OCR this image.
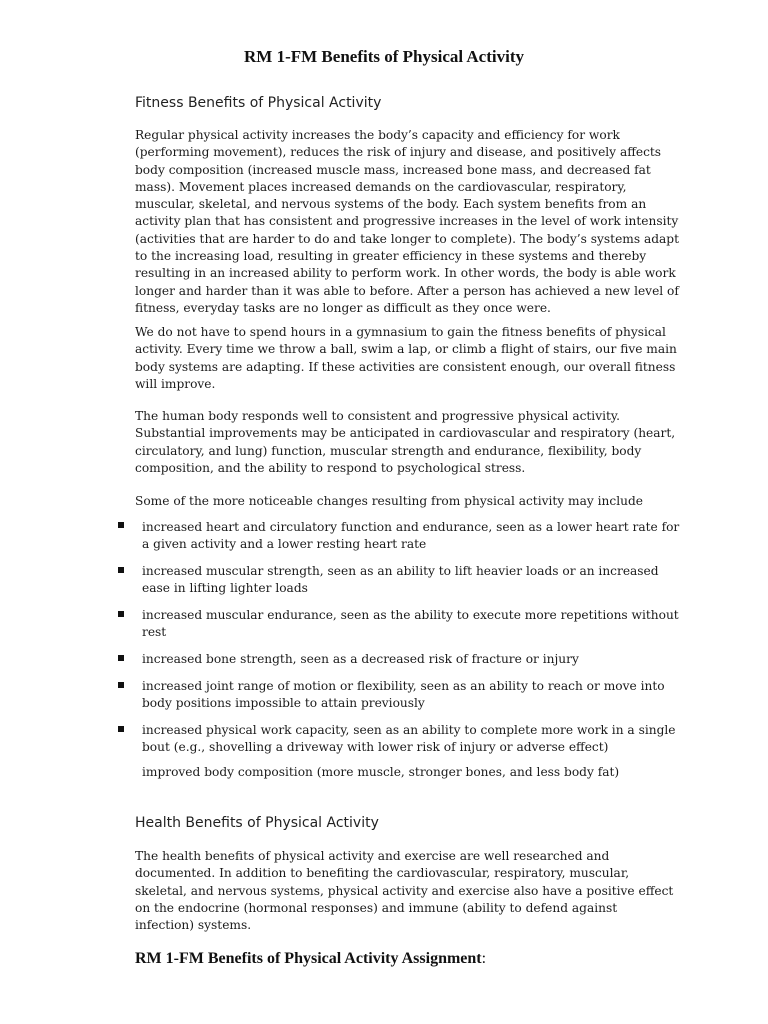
RM 1-FM Benefits of Physical Activity
Fitness Benefits of Physical Activity

Regular physical activity increases the body’s capacity and efficiency for work (performing movement), reduces the risk of injury and disease, and positively affects body composition (increased muscle mass, increased bone mass, and decreased fat mass). Movement places increased demands on the cardiovascular, respiratory, muscular, skeletal, and nervous systems of the body. Each system benefits from an activity plan that has consistent and progressive increases in the level of work intensity (activities that are harder to do and take longer to complete). The body’s systems adapt to the increasing load, resulting in greater efficiency in these systems and thereby resulting in an increased ability to perform work. In other words, the body is able work longer and harder than it was able to before. After a person has achieved a new level of fitness, everyday tasks are no longer as difficult as they once were.

We do not have to spend hours in a gymnasium to gain the fitness benefits of physical activity. Every time we throw a ball, swim a lap, or climb a flight of stairs, our five main body systems are adapting. If these activities are consistent enough, our overall fitness will improve.

The human body responds well to consistent and progressive physical activity. Substantial improvements may be anticipated in cardiovascular and respiratory (heart, circulatory, and lung) function, muscular strength and endurance, flexibility, body composition, and the ability to respond to psychological stress.

Some of the more noticeable changes resulting from physical activity may include

increased heart and circulatory function and endurance, seen as a lower heart rate for a given activity and a lower resting heart rate
increased muscular strength, seen as an ability to lift heavier loads or an increased ease in lifting lighter loads
increased muscular endurance, seen as the ability to execute more repetitions without rest
increased bone strength, seen as a decreased risk of fracture or injury
increased joint range of motion or flexibility, seen as an ability to reach or move into body positions impossible to attain previously
increased physical work capacity, seen as an ability to complete more work in a single bout (e.g., shovelling a driveway with lower risk of injury or adverse effect)
improved body composition (more muscle, stronger bones, and less body fat)
Health Benefits of Physical Activity

The health benefits of physical activity and exercise are well researched and documented. In addition to benefiting the cardiovascular, respiratory, muscular, skeletal, and nervous systems, physical activity and exercise also have a positive effect on the endocrine (hormonal responses) and immune (ability to defend against infection) systems.

RM 1-FM Benefits of Physical Activity Assignment:
